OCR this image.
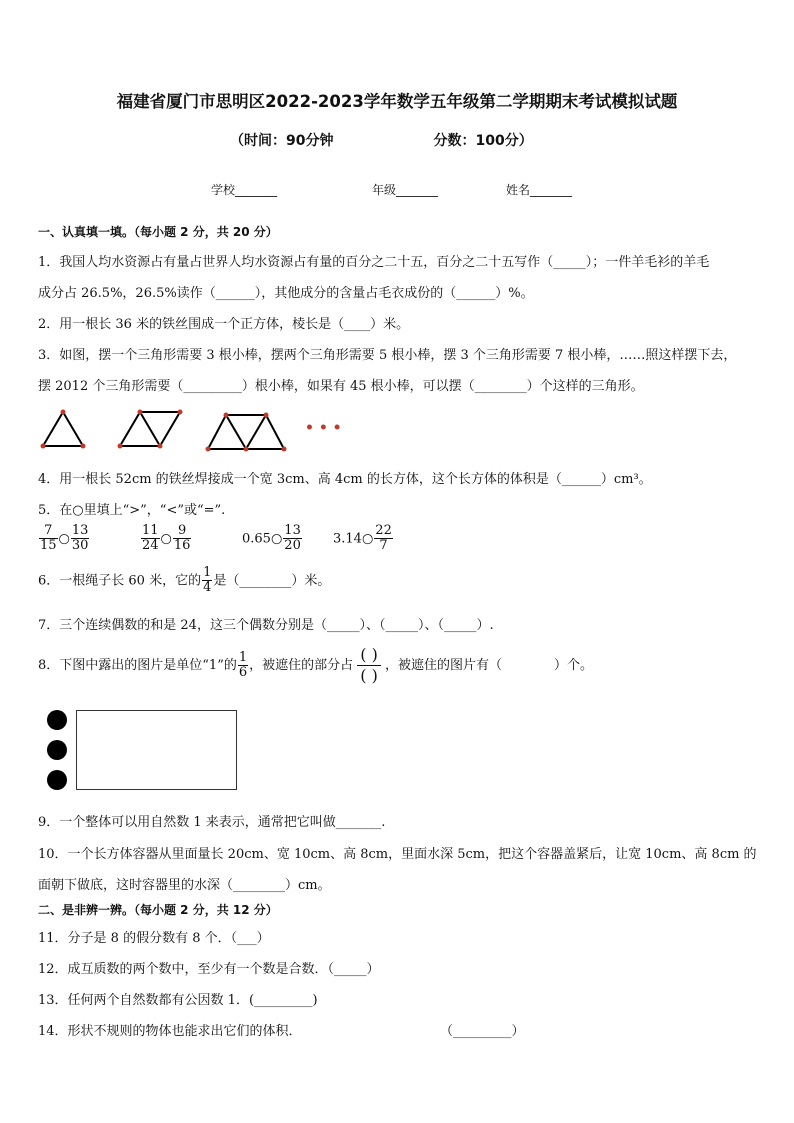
福建省厦门市思明区2022-2023学年数学五年级第二学期期末考试模拟试题
（时间：90分钟	分数：100分）
学校_______	年级_______	姓名_______
一、认真填一填。（每小题 2 分，共 20 分）
1．我国人均水资源占有量占世界人均水资源占有量的百分之二十五，百分之二十五写作（_____）；一件羊毛衫的羊毛
成分占 26.5%，26.5%读作（______），其他成分的含量占毛衣成份的（______）%。
2．用一根长 36 米的铁丝围成一个正方体，棱长是（____）米。
3．如图，摆一个三角形需要 3 根小棒，摆两个三角形需要 5 根小棒，摆 3 个三角形需要 7 根小棒，……照这样摆下去，
摆 2012 个三角形需要（_________）根小棒，如果有 45 根小棒，可以摆（________）个这样的三角形。
• • •
4．用一根长 52cm 的铁丝焊接成一个宽 3cm、高 4cm 的长方体，这个长方体的体积是（______）cm³。
5．在○里填上“>”，“<”或“=”.
$\frac{7}{15}$ ○ $\frac{13}{30}$	$\frac{11}{24}$ ○ $\frac{9}{16}$	0.65○ $\frac{13}{20}$ 3.14○ $\frac{22}{7}$
6．一根绳子长 60 米，它的 $\frac{1}{4}$ 是（________）米。
7．三个连续偶数的和是 24，这三个偶数分别是（_____）、（_____）、（_____）.
8．下图中露出的图片是单位“1”的 $\frac{1}{6}$ ，被遮住的部分占 $\frac{( )}{( )}$ ，被遮住的图片有（　　　　）个。
9．一个整体可以用自然数 1 来表示，通常把它叫做_______.
10．一个长方体容器从里面量长 20cm、宽 10cm、高 8cm，里面水深 5cm，把这个容器盖紧后，让宽 10cm、高 8cm 的
面朝下做底，这时容器里的水深（________）cm。
二、是非辨一辨。（每小题 2 分，共 12 分）
11．分子是 8 的假分数有 8 个．（___）
12．成互质数的两个数中，至少有一个数是合数．（_____）
13．任何两个自然数都有公因数 1．(_________)
14．形状不规则的物体也能求出它们的体积．	（_________）
